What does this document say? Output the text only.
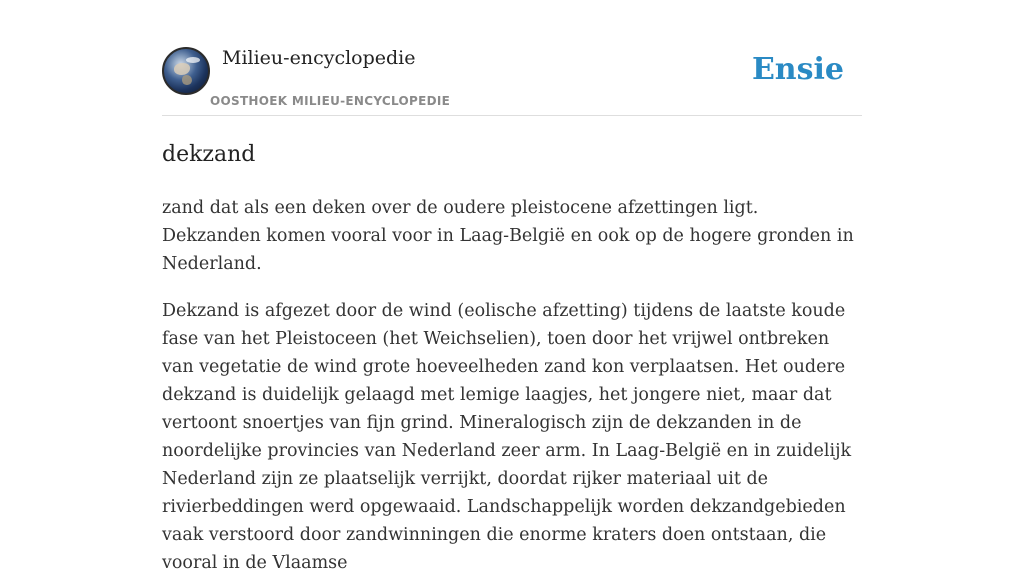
Milieu-encyclopedie
OOSTHOEK MILIEU-ENCYCLOPEDIE
Ensie
dekzand

zand dat als een deken over de oudere pleistocene afzettingen ligt. Dekzanden komen vooral voor in Laag-België en ook op de hogere gronden in Nederland.

Dekzand is afgezet door de wind (eolische afzetting) tijdens de laatste koude fase van het Pleistoceen (het Weichselien), toen door het vrijwel ontbreken van vegetatie de wind grote hoeveelheden zand kon verplaatsen. Het oudere dekzand is duidelijk gelaagd met lemige laagjes, het jongere niet, maar dat vertoont snoertjes van fijn grind. Mineralogisch zijn de dekzanden in de noordelijke provincies van Nederland zeer arm. In Laag-België en in zuidelijk Nederland zijn ze plaatselijk verrijkt, doordat rijker materiaal uit de rivierbeddingen werd opgewaaid. Landschappelijk worden dekzandgebieden vaak verstoord door zandwinningen die enorme kraters doen ontstaan, die vooral in de Vlaamse
